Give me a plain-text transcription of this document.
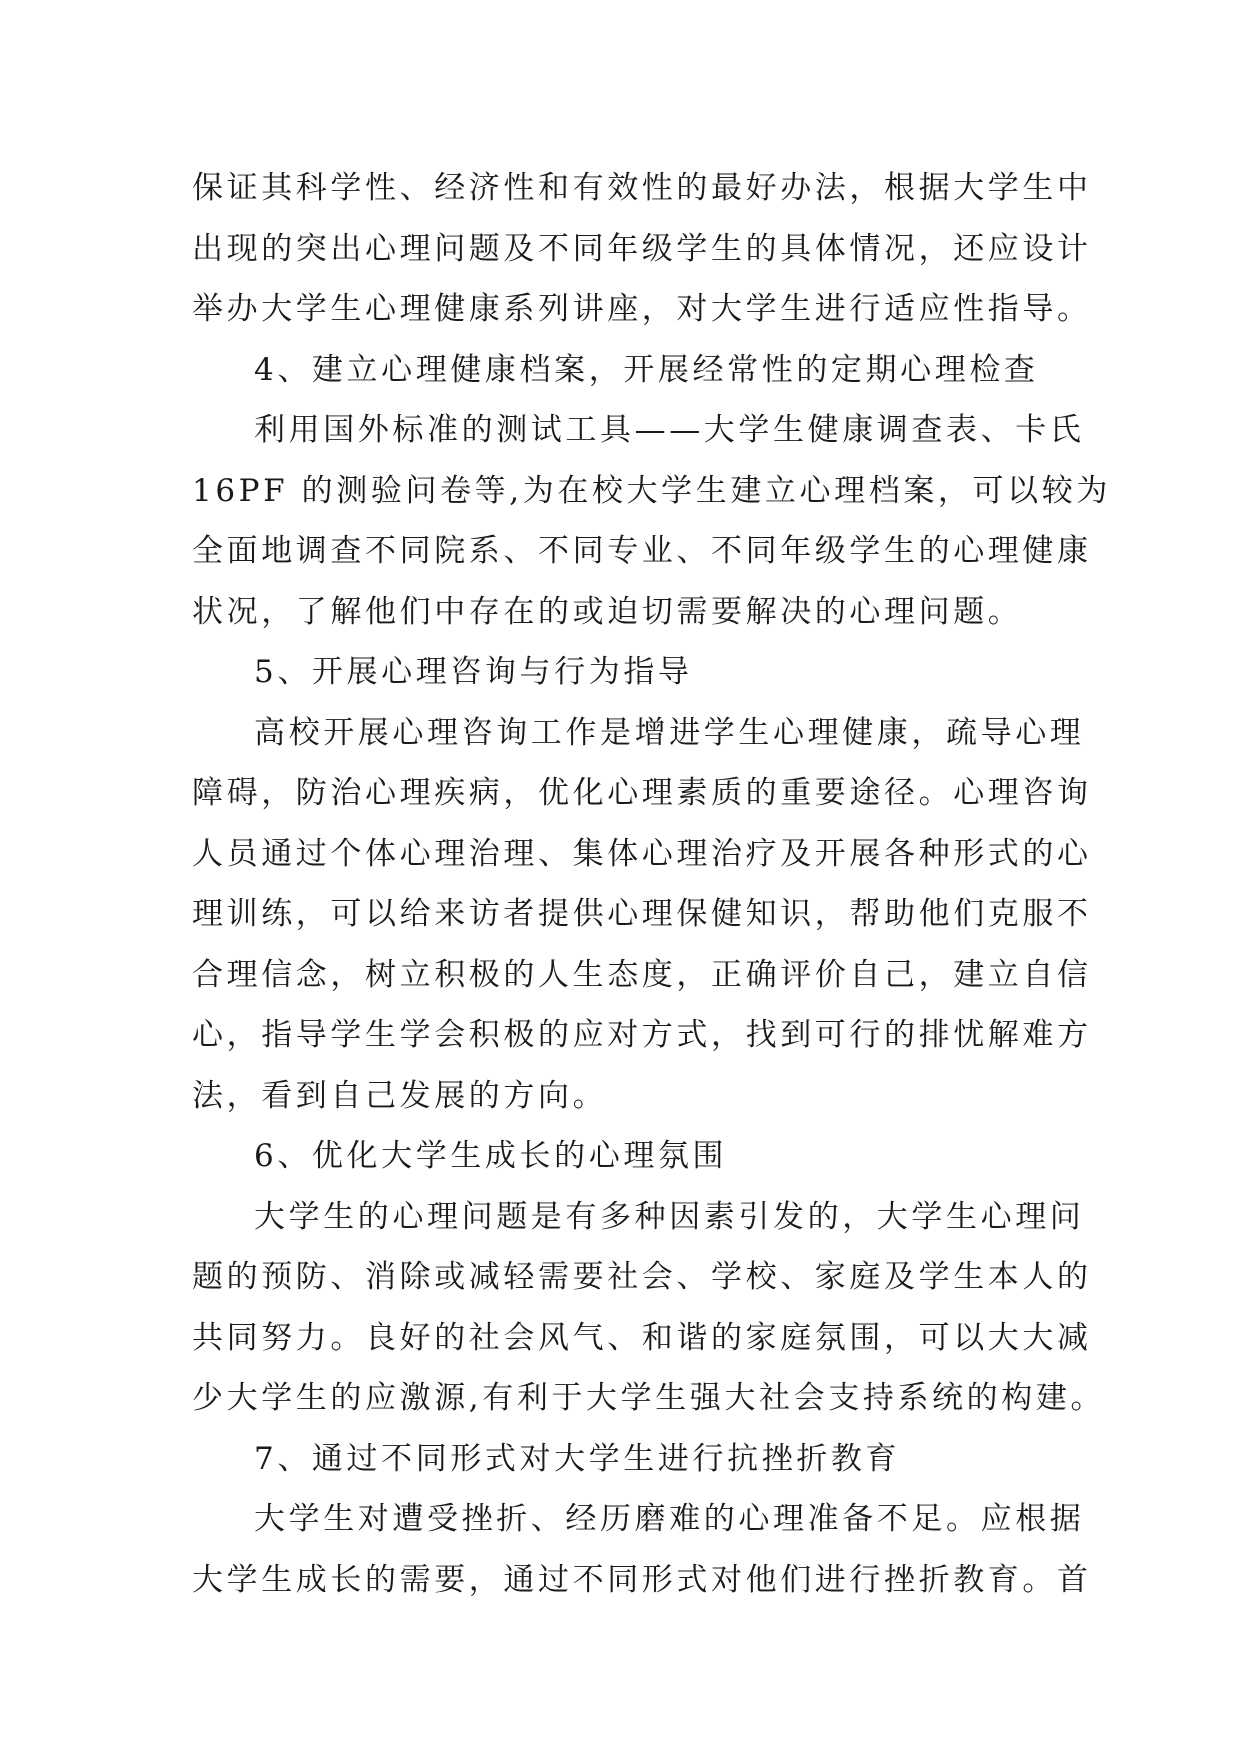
保证其科学性、经济性和有效性的最好办法，根据大学生中
出现的突出心理问题及不同年级学生的具体情况，还应设计
举办大学生心理健康系列讲座，对大学生进行适应性指导。
4、建立心理健康档案，开展经常性的定期心理检查
利用国外标准的测试工具——大学生健康调查表、卡氏
16PF 的测验问卷等,为在校大学生建立心理档案，可以较为
全面地调查不同院系、不同专业、不同年级学生的心理健康
状况，了解他们中存在的或迫切需要解决的心理问题。
5、开展心理咨询与行为指导
高校开展心理咨询工作是增进学生心理健康，疏导心理
障碍，防治心理疾病，优化心理素质的重要途径。心理咨询
人员通过个体心理治理、集体心理治疗及开展各种形式的心
理训练，可以给来访者提供心理保健知识，帮助他们克服不
合理信念，树立积极的人生态度，正确评价自己，建立自信
心，指导学生学会积极的应对方式，找到可行的排忧解难方
法，看到自己发展的方向。
6、优化大学生成长的心理氛围
大学生的心理问题是有多种因素引发的，大学生心理问
题的预防、消除或减轻需要社会、学校、家庭及学生本人的
共同努力。良好的社会风气、和谐的家庭氛围，可以大大减
少大学生的应激源,有利于大学生强大社会支持系统的构建。
7、通过不同形式对大学生进行抗挫折教育
大学生对遭受挫折、经历磨难的心理准备不足。应根据
大学生成长的需要，通过不同形式对他们进行挫折教育。首
